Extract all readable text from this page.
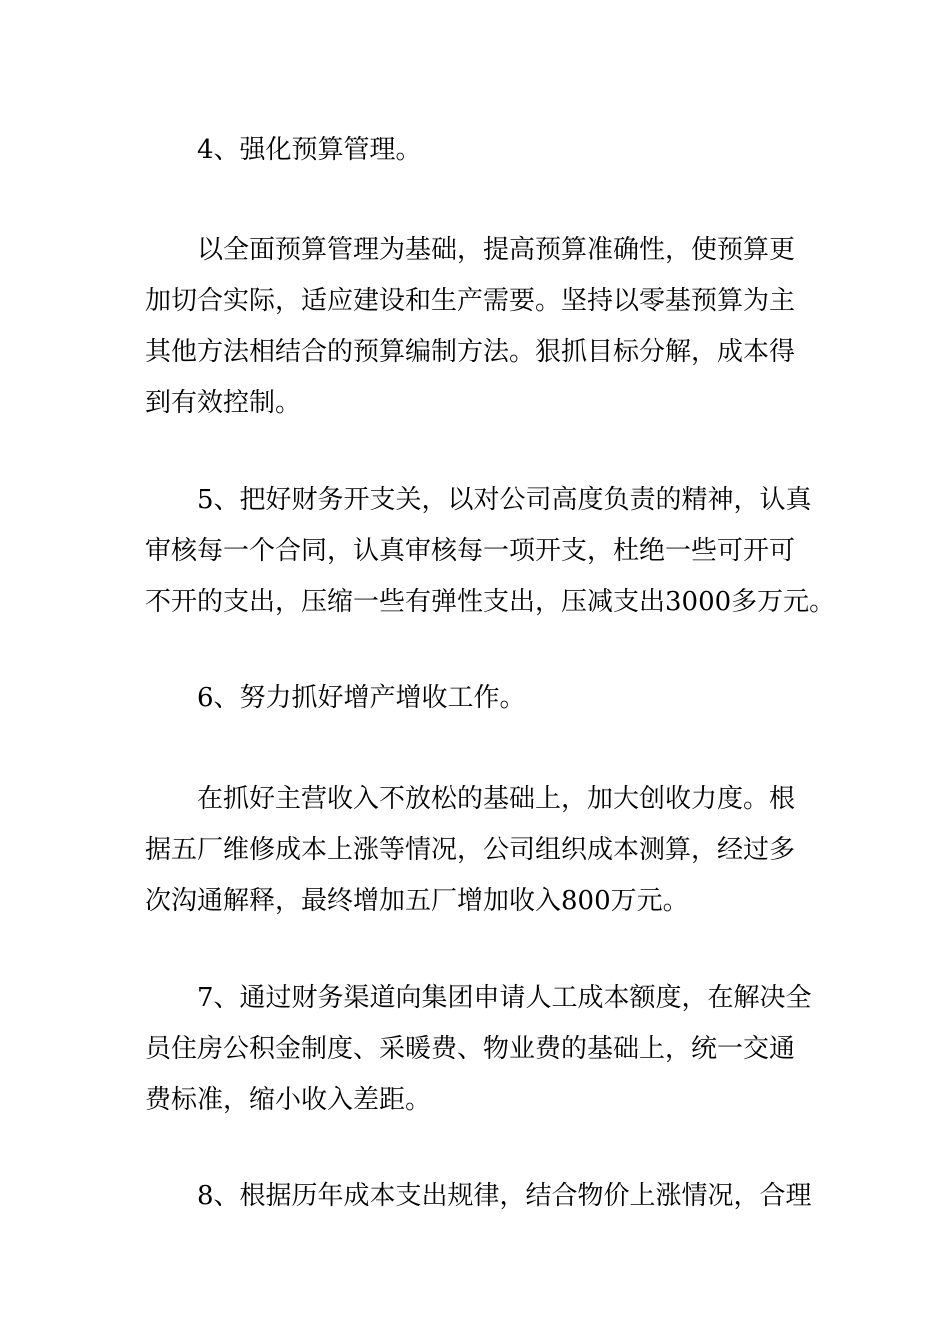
4、强化预算管理。
以全面预算管理为基础，提高预算准确性，使预算更
加切合实际，适应建设和生产需要。坚持以零基预算为主
其他方法相结合的预算编制方法。狠抓目标分解，成本得
到有效控制。
5、把好财务开支关，以对公司高度负责的精神，认真
审核每一个合同，认真审核每一项开支，杜绝一些可开可
不开的支出，压缩一些有弹性支出，压减支出3000多万元。
6、努力抓好增产增收工作。
在抓好主营收入不放松的基础上，加大创收力度。根
据五厂维修成本上涨等情况，公司组织成本测算，经过多
次沟通解释，最终增加五厂增加收入800万元。
7、通过财务渠道向集团申请人工成本额度，在解决全
员住房公积金制度、采暖费、物业费的基础上，统一交通
费标准，缩小收入差距。
8、根据历年成本支出规律，结合物价上涨情况，合理
